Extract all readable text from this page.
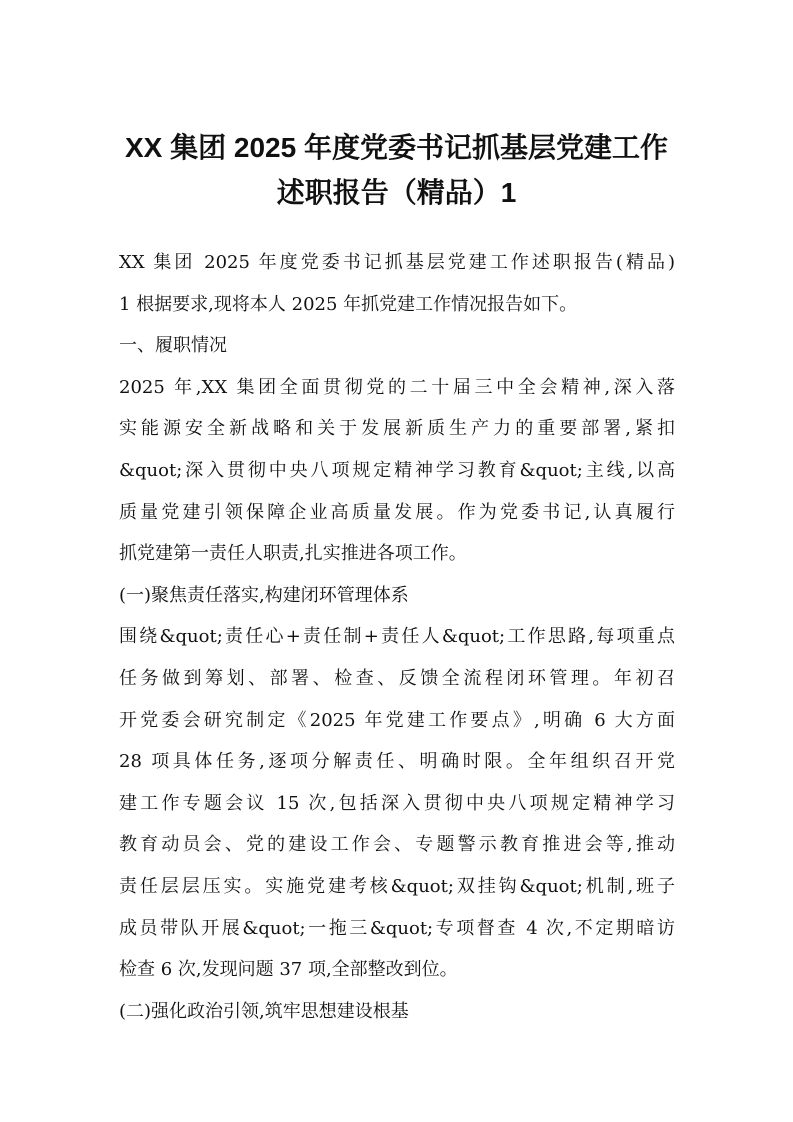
XX 集团 2025 年度党委书记抓基层党建工作
述职报告（精品）1
XX 集团 2025 年度党委书记抓基层党建工作述职报告(精品)
1 根据要求,现将本人 2025 年抓党建工作情况报告如下。
一、履职情况
2025 年,XX 集团全面贯彻党的二十届三中全会精神,深入落
实能源安全新战略和关于发展新质生产力的重要部署,紧扣
&quot;深入贯彻中央八项规定精神学习教育&quot;主线,以高
质量党建引领保障企业高质量发展。作为党委书记,认真履行
抓党建第一责任人职责,扎实推进各项工作。
(一)聚焦责任落实,构建闭环管理体系
围绕&quot;责任心+责任制+责任人&quot;工作思路,每项重点
任务做到筹划、部署、检查、反馈全流程闭环管理。年初召
开党委会研究制定《2025 年党建工作要点》,明确 6 大方面
28 项具体任务,逐项分解责任、明确时限。全年组织召开党
建工作专题会议 15 次,包括深入贯彻中央八项规定精神学习
教育动员会、党的建设工作会、专题警示教育推进会等,推动
责任层层压实。实施党建考核&quot;双挂钩&quot;机制,班子
成员带队开展&quot;一拖三&quot;专项督查 4 次,不定期暗访
检查 6 次,发现问题 37 项,全部整改到位。
(二)强化政治引领,筑牢思想建设根基
